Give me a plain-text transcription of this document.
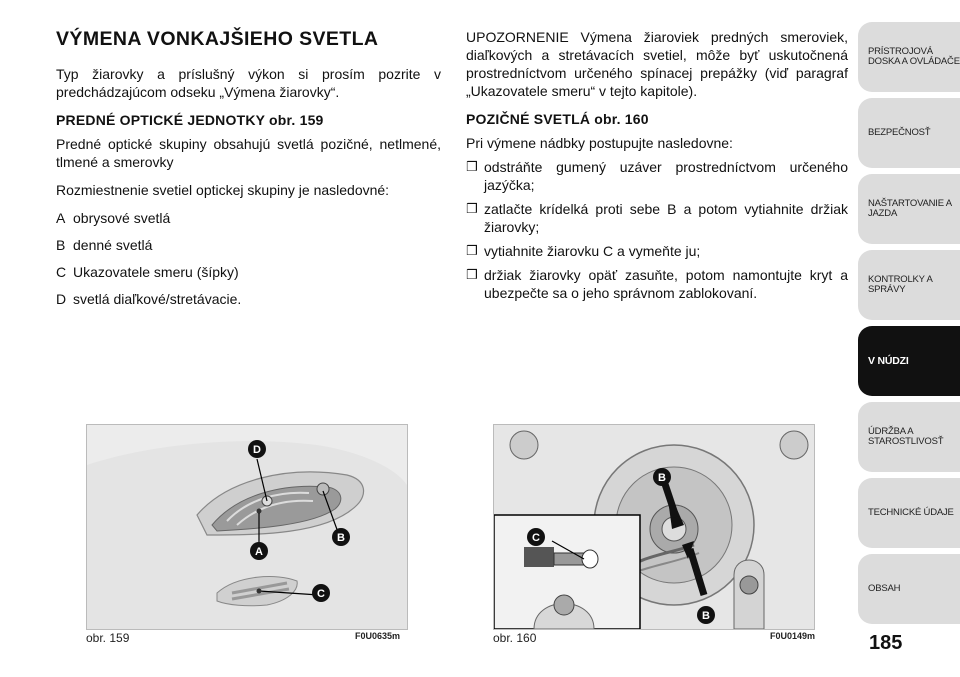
VÝMENA VONKAJŠIEHO SVETLA

Typ žiarovky a príslušný výkon si prosím pozrite v predchádzajúcom odseku „Výmena žiarovky“.

PREDNÉ OPTICKÉ JEDNOTKY obr. 159

Predné optické skupiny obsahujú svetlá pozičné, netlmené, tlmené a smerovky

Rozmiestnenie svetiel optickej skupiny je nasledovné:

A obrysové svetlá
B denné svetlá
C Ukazovatele smeru (šípky)
D svetlá diaľkové/stretávacie.

UPOZORNENIE Výmena žiaroviek predných smeroviek, diaľkových a stretávacích svetiel, môže byť uskutočnená prostredníctvom určeného spínacej prepážky (viď paragraf „Ukazovatele smeru“ v tejto kapitole).

POZIČNÉ SVETLÁ obr. 160

Pri výmene nádbky postupujte nasledovne:

❒ odstráňte gumený uzáver prostredníctvom určeného jazýčka;
❒ zatlačte krídelká proti sebe B a potom vytiahnite držiak žiarovky;
❒ vytiahnite žiarovku C a vymeňte ju;
❒ držiak žiarovky opäť zasuňte, potom namontujte kryt a ubezpečte sa o jeho správnom zablokovaní.
D
A
B
C
obr. 159	F0U0635m
B
C
B
obr. 160	F0U0149m
PRÍSTROJOVÁ DOSKA A OVLÁDAČE
BEZPEČNOSŤ
NAŠTARTOVANIE A JAZDA
KONTROLKY A SPRÁVY
V NÚDZI
ÚDRŽBA A STAROSTLIVOSŤ
TECHNICKÉ ÚDAJE
OBSAH
185
